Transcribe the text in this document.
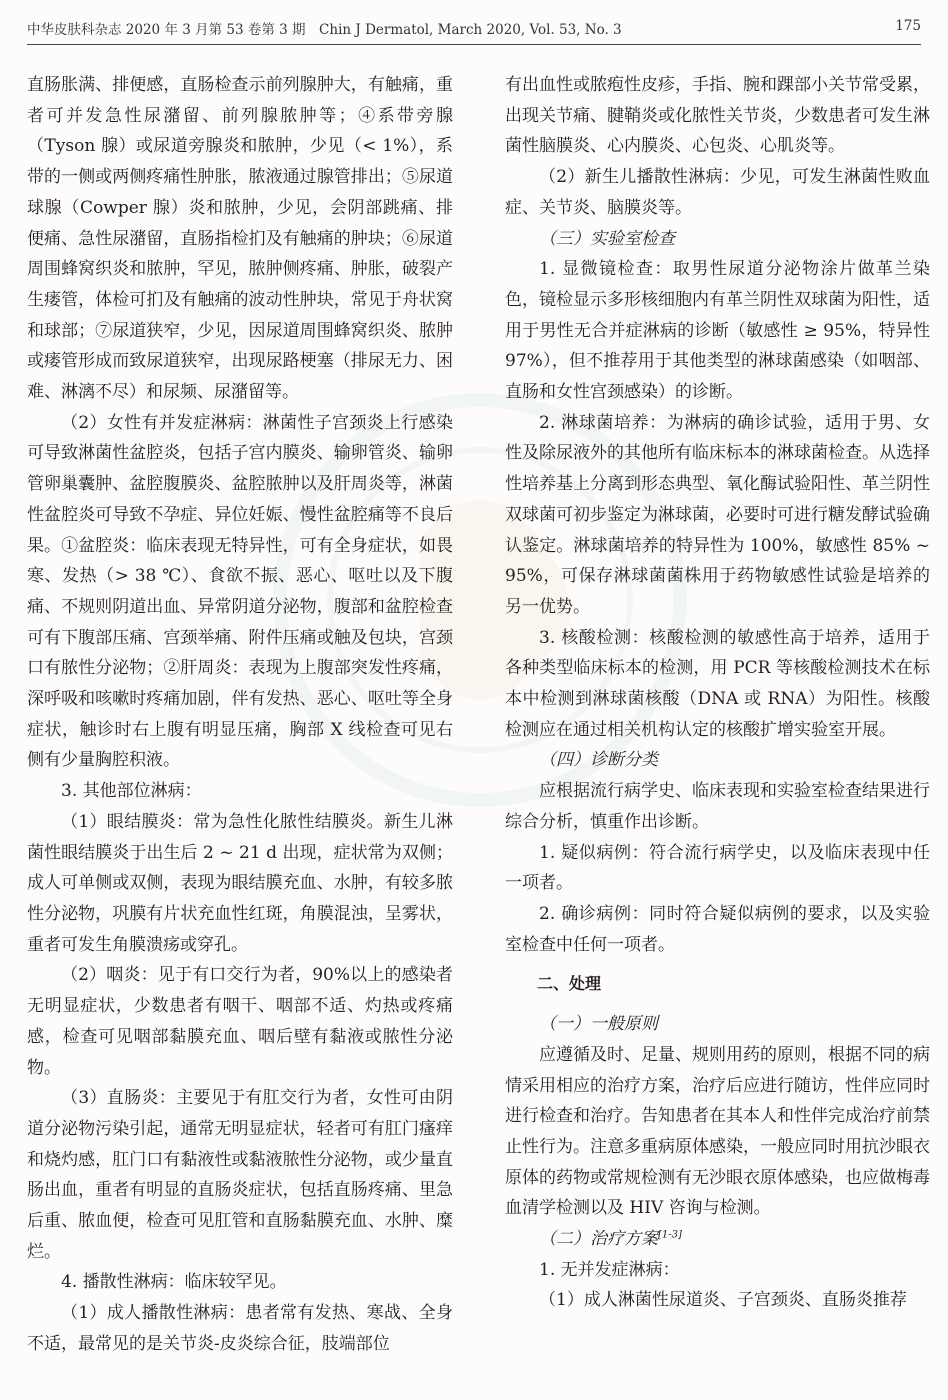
中华皮肤科杂志 2020 年 3 月第 53 卷第 3 期　Chin J Dermatol, March 2020, Vol. 53, No. 3	175

直肠胀满、排便感，直肠检查示前列腺肿大，有触痛，重者可并发急性尿潴留、前列腺脓肿等；④系带旁腺（Tyson 腺）或尿道旁腺炎和脓肿，少见（< 1%），系带的一侧或两侧疼痛性肿胀，脓液通过腺管排出；⑤尿道球腺（Cowper 腺）炎和脓肿，少见，会阴部跳痛、排便痛、急性尿潴留，直肠指检扪及有触痛的肿块；⑥尿道周围蜂窝织炎和脓肿，罕见，脓肿侧疼痛、肿胀，破裂产生瘘管，体检可扪及有触痛的波动性肿块，常见于舟状窝和球部；⑦尿道狭窄，少见，因尿道周围蜂窝织炎、脓肿或瘘管形成而致尿道狭窄，出现尿路梗塞（排尿无力、困难、淋漓不尽）和尿频、尿潴留等。

（2）女性有并发症淋病：淋菌性子宫颈炎上行感染可导致淋菌性盆腔炎，包括子宫内膜炎、输卵管炎、输卵管卵巢囊肿、盆腔腹膜炎、盆腔脓肿以及肝周炎等，淋菌性盆腔炎可导致不孕症、异位妊娠、慢性盆腔痛等不良后果。①盆腔炎：临床表现无特异性，可有全身症状，如畏寒、发热（> 38 ℃）、食欲不振、恶心、呕吐以及下腹痛、不规则阴道出血、异常阴道分泌物，腹部和盆腔检查可有下腹部压痛、宫颈举痛、附件压痛或触及包块，宫颈口有脓性分泌物；②肝周炎：表现为上腹部突发性疼痛，深呼吸和咳嗽时疼痛加剧，伴有发热、恶心、呕吐等全身症状，触诊时右上腹有明显压痛，胸部 X 线检查可见右侧有少量胸腔积液。

3. 其他部位淋病：

（1）眼结膜炎：常为急性化脓性结膜炎。新生儿淋菌性眼结膜炎于出生后 2 ~ 21 d 出现，症状常为双侧；成人可单侧或双侧，表现为眼结膜充血、水肿，有较多脓性分泌物，巩膜有片状充血性红斑，角膜混浊，呈雾状，重者可发生角膜溃疡或穿孔。

（2）咽炎：见于有口交行为者，90%以上的感染者无明显症状，少数患者有咽干、咽部不适、灼热或疼痛感，检查可见咽部黏膜充血、咽后壁有黏液或脓性分泌物。

（3）直肠炎：主要见于有肛交行为者，女性可由阴道分泌物污染引起，通常无明显症状，轻者可有肛门瘙痒和烧灼感，肛门口有黏液性或黏液脓性分泌物，或少量直肠出血，重者有明显的直肠炎症状，包括直肠疼痛、里急后重、脓血便，检查可见肛管和直肠黏膜充血、水肿、糜烂。

4. 播散性淋病：临床较罕见。

（1）成人播散性淋病：患者常有发热、寒战、全身不适，最常见的是关节炎-皮炎综合征，肢端部位

有出血性或脓疱性皮疹，手指、腕和踝部小关节常受累，出现关节痛、腱鞘炎或化脓性关节炎，少数患者可发生淋菌性脑膜炎、心内膜炎、心包炎、心肌炎等。

（2）新生儿播散性淋病：少见，可发生淋菌性败血症、关节炎、脑膜炎等。

（三）实验室检查

1. 显微镜检查：取男性尿道分泌物涂片做革兰染色，镜检显示多形核细胞内有革兰阴性双球菌为阳性，适用于男性无合并症淋病的诊断（敏感性 ≥ 95%，特异性 97%），但不推荐用于其他类型的淋球菌感染（如咽部、直肠和女性宫颈感染）的诊断。

2. 淋球菌培养：为淋病的确诊试验，适用于男、女性及除尿液外的其他所有临床标本的淋球菌检查。从选择性培养基上分离到形态典型、氧化酶试验阳性、革兰阴性双球菌可初步鉴定为淋球菌，必要时可进行糖发酵试验确认鉴定。淋球菌培养的特异性为 100%，敏感性 85% ~ 95%，可保存淋球菌菌株用于药物敏感性试验是培养的另一优势。

3. 核酸检测：核酸检测的敏感性高于培养，适用于各种类型临床标本的检测，用 PCR 等核酸检测技术在标本中检测到淋球菌核酸（DNA 或 RNA）为阳性。核酸检测应在通过相关机构认定的核酸扩增实验室开展。

（四）诊断分类

应根据流行病学史、临床表现和实验室检查结果进行综合分析，慎重作出诊断。

1. 疑似病例：符合流行病学史，以及临床表现中任一项者。

2. 确诊病例：同时符合疑似病例的要求，以及实验室检查中任何一项者。

二、处理

（一）一般原则

应遵循及时、足量、规则用药的原则，根据不同的病情采用相应的治疗方案，治疗后应进行随访，性伴应同时进行检查和治疗。告知患者在其本人和性伴完成治疗前禁止性行为。注意多重病原体感染，一般应同时用抗沙眼衣原体的药物或常规检测有无沙眼衣原体感染，也应做梅毒血清学检测以及 HIV 咨询与检测。

（二）治疗方案[1-3]

1. 无并发症淋病：

（1）成人淋菌性尿道炎、子宫颈炎、直肠炎推荐
